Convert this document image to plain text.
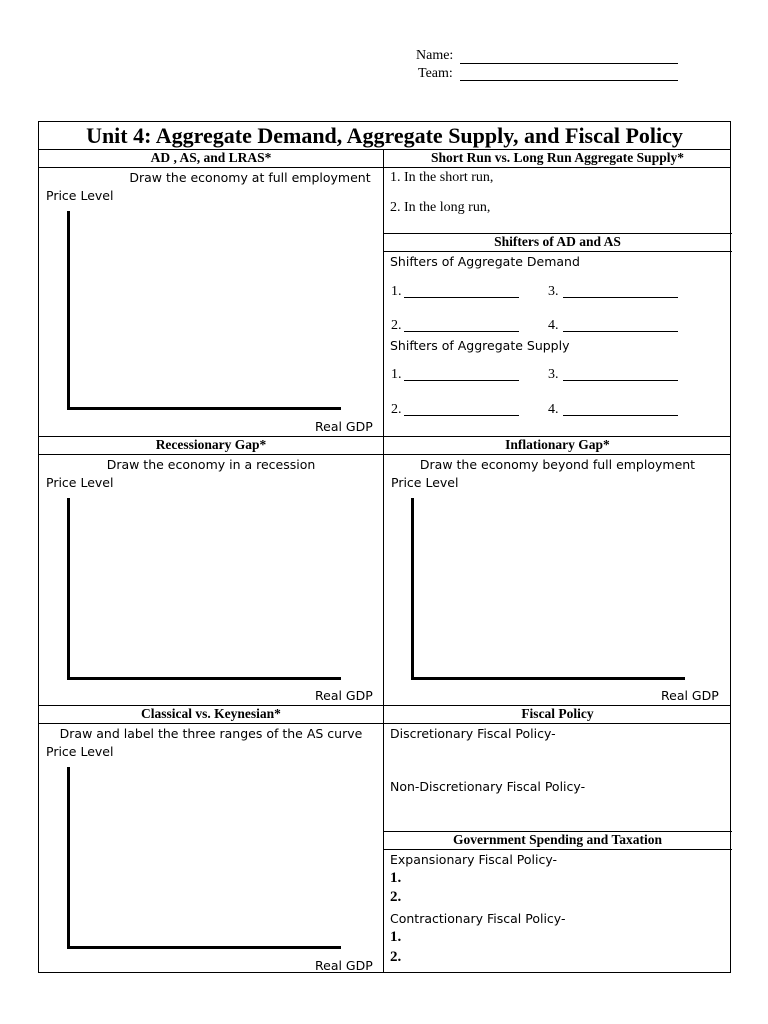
Name:
Team:
Unit 4: Aggregate Demand, Aggregate Supply, and Fiscal Policy
AD , AS, and LRAS*
Draw the economy at full employment
Price Level
Real GDP
Short Run vs. Long Run Aggregate Supply*
1. In the short run,
2. In the long run,
Shifters of AD and AS
Shifters of Aggregate Demand
1.	3.
2.	4.
Shifters of Aggregate Supply
1.	3.
2.	4.
Recessionary Gap*
Draw the economy in a recession
Price Level
Real GDP
Inflationary Gap*
Draw the economy beyond full employment
Price Level
Real GDP
Classical vs. Keynesian*
Draw and label the three ranges of the AS curve
Price Level
Real GDP
Fiscal Policy
Discretionary Fiscal Policy-
Non-Discretionary Fiscal Policy-
Government Spending and Taxation
Expansionary Fiscal Policy-
1.
2.
Contractionary Fiscal Policy-
1.
2.
